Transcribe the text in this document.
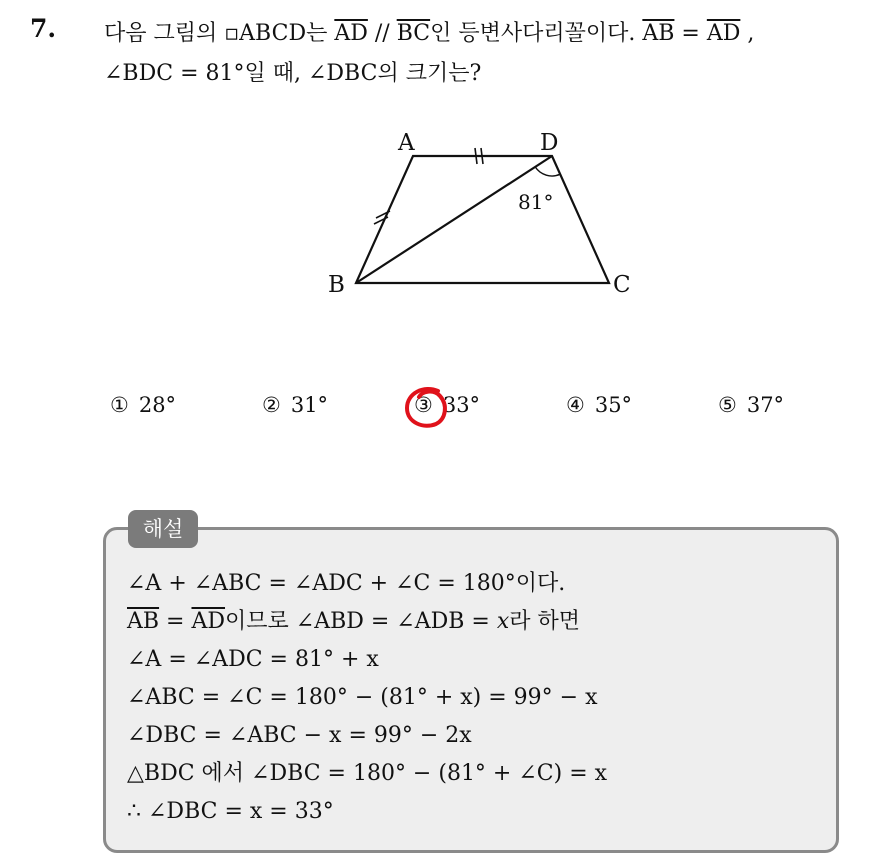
7. 다음 그림의 ▫ABCD는 $\overline{AD} // \overline{BC}$인 등변사다리꼴이다. $\overline{AB} = \overline{AD}$ ,
∠BDC = 81°일 때, ∠DBC의 크기는?
A	D
B	C
81°
① 28°	② 31°	③ 33°	④ 35°	⑤ 37°
해설
∠A + ∠ABC = ∠ADC + ∠C = 180°이다.
$\overline{AB} = \overline{AD}$이므로 ∠ABD = ∠ADB = x라 하면
∠A = ∠ADC = 81° + x
∠ABC = ∠C = 180° − (81° + x) = 99° − x
∠DBC = ∠ABC − x = 99° − 2x
△BDC 에서 ∠DBC = 180° − (81° + ∠C) = x
∴ ∠DBC = x = 33°
